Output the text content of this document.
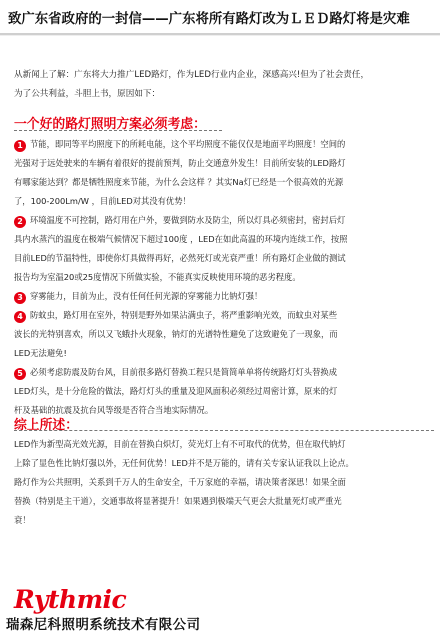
致广东省政府的一封信——广东将所有路灯改为ＬＥＤ路灯将是灾难

从新闻上了解：广东将大力推广LED路灯，作为LED行业内企业，深感高兴!但为了社会责任，

为了公共利益，斗胆上书，原因如下：

一个好的路灯照明方案必须考虑：
1 节能，即同等平均照度下的所耗电能，这个平均照度不能仅仅是地面平均照度！空间的
光强对于远处驶来的车辆有着很好的提前预判，防止交通意外发生！目前所安装的LED路灯
有哪家能达到？都是牺牲照度来节能，为什么会这样 ？其实Na灯已经是一个很高效的光源
了，100-200Lm/W ，目前LED对其没有优势！
2 环境温度不可控制，路灯用在户外，要做到防水及防尘，所以灯具必须密封，密封后灯
具内水蒸汽的温度在极端气候情况下超过100度 ，LED在如此高温的环境内连续工作，按照
目前LED的节温特性，即使你灯具做得再好，必然死灯或光衰严重！所有路灯企业做的测试
报告均为室温20或25度情况下所做实验，不能真实反映使用环境的恶劣程度。
3 穿雾能力，目前为止，没有任何任何光源的穿雾能力比钠灯强！
4 防蚊虫，路灯用在室外，特别是野外如果沾满虫子，将严重影响光效，而蚊虫对某些
波长的光特别喜欢，所以又飞蛾扑火现象，钠灯的光谱特性避免了这致避免了一现象，而
LED无法避免!
5 必须考虑防震及防台风，目前很多路灯替换工程只是简简单单将传统路灯灯头替换成
LED灯头，是十分危险的做法，路灯灯头的重量及迎风面积必须经过周密计算，原来的灯
杆及基础的抗震及抗台风等级是否符合当地实际情况。
综上所述：
LED作为新型高光效光源，目前在替换白炽灯，荧光灯上有不可取代的优势，但在取代钠灯
上除了显色性比钠灯强以外，无任何优势！LED并不是万能的，请有关专家认证我以上论点。
路灯作为公共照明，关系到千万人的生命安全，千万家庭的幸福，请决策者深思！如果全面
替换（特别是主干道），交通事故将显著提升！如果遇到极端天气更会大批量死灯或严重光
衰！
Rythmic
瑞森尼科照明系统技术有限公司
